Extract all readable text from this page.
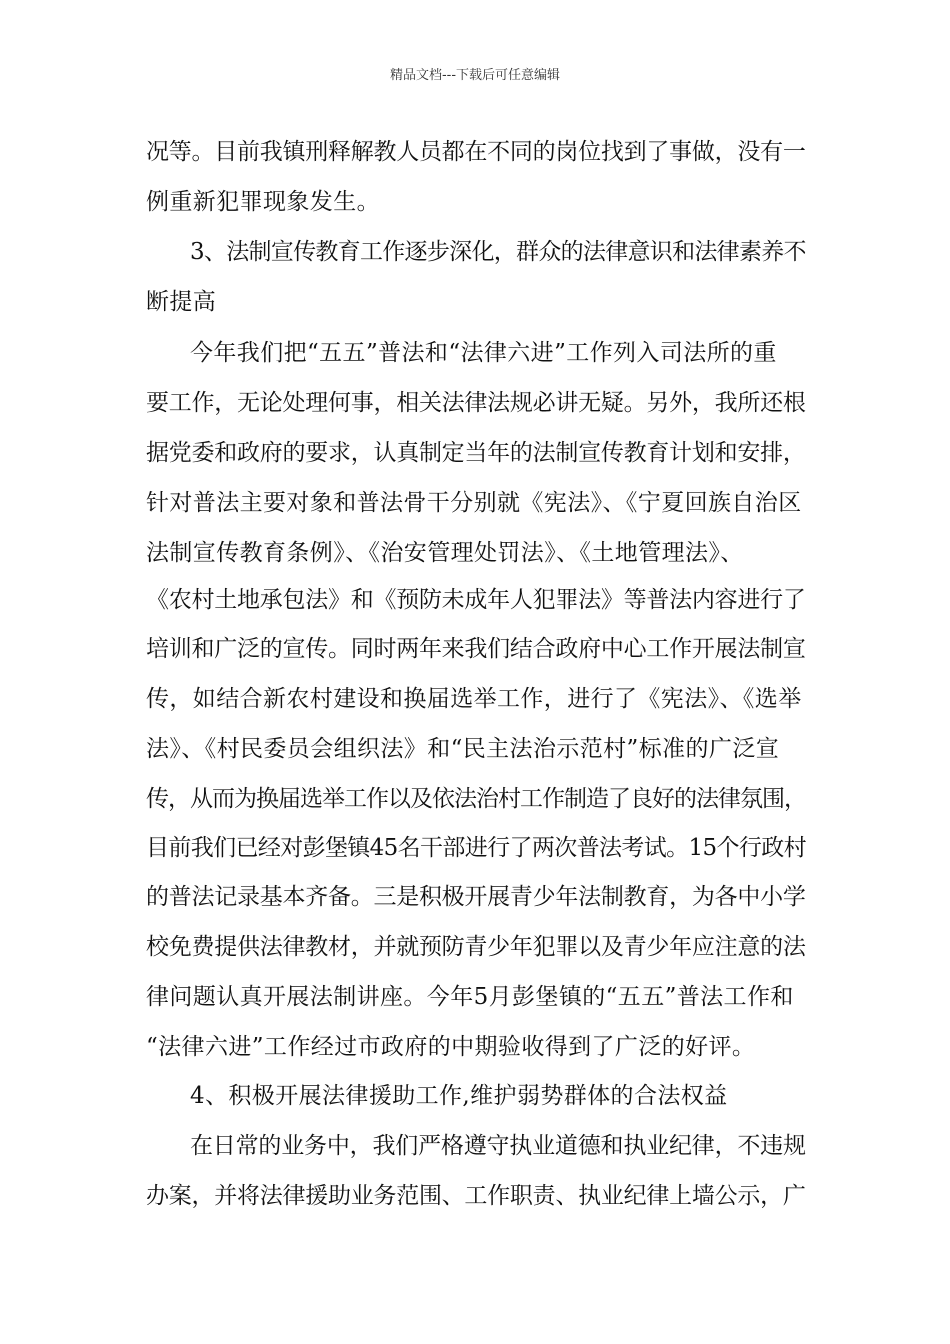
精品文档---下载后可任意编辑
况等。目前我镇刑释解教人员都在不同的岗位找到了事做，没有一
例重新犯罪现象发生。
3、法制宣传教育工作逐步深化，群众的法律意识和法律素养不
断提高
今年我们把“五五”普法和“法律六进”工作列入司法所的重
要工作，无论处理何事，相关法律法规必讲无疑。另外，我所还根
据党委和政府的要求，认真制定当年的法制宣传教育计划和安排，
针对普法主要对象和普法骨干分别就《宪法》、《宁夏回族自治区
法制宣传教育条例》、《治安管理处罚法》、《土地管理法》、
《农村土地承包法》和《预防未成年人犯罪法》等普法内容进行了
培训和广泛的宣传。同时两年来我们结合政府中心工作开展法制宣
传，如结合新农村建设和换届选举工作，进行了《宪法》、《选举
法》、《村民委员会组织法》和“民主法治示范村”标准的广泛宣
传，从而为换届选举工作以及依法治村工作制造了良好的法律氛围，
目前我们已经对彭堡镇45名干部进行了两次普法考试。15个行政村
的普法记录基本齐备。三是积极开展青少年法制教育，为各中小学
校免费提供法律教材，并就预防青少年犯罪以及青少年应注意的法
律问题认真开展法制讲座。今年5月彭堡镇的“五五”普法工作和
“法律六进”工作经过市政府的中期验收得到了广泛的好评。
4、积极开展法律援助工作,维护弱势群体的合法权益
在日常的业务中，我们严格遵守执业道德和执业纪律，不违规
办案，并将法律援助业务范围、工作职责、执业纪律上墙公示，广
